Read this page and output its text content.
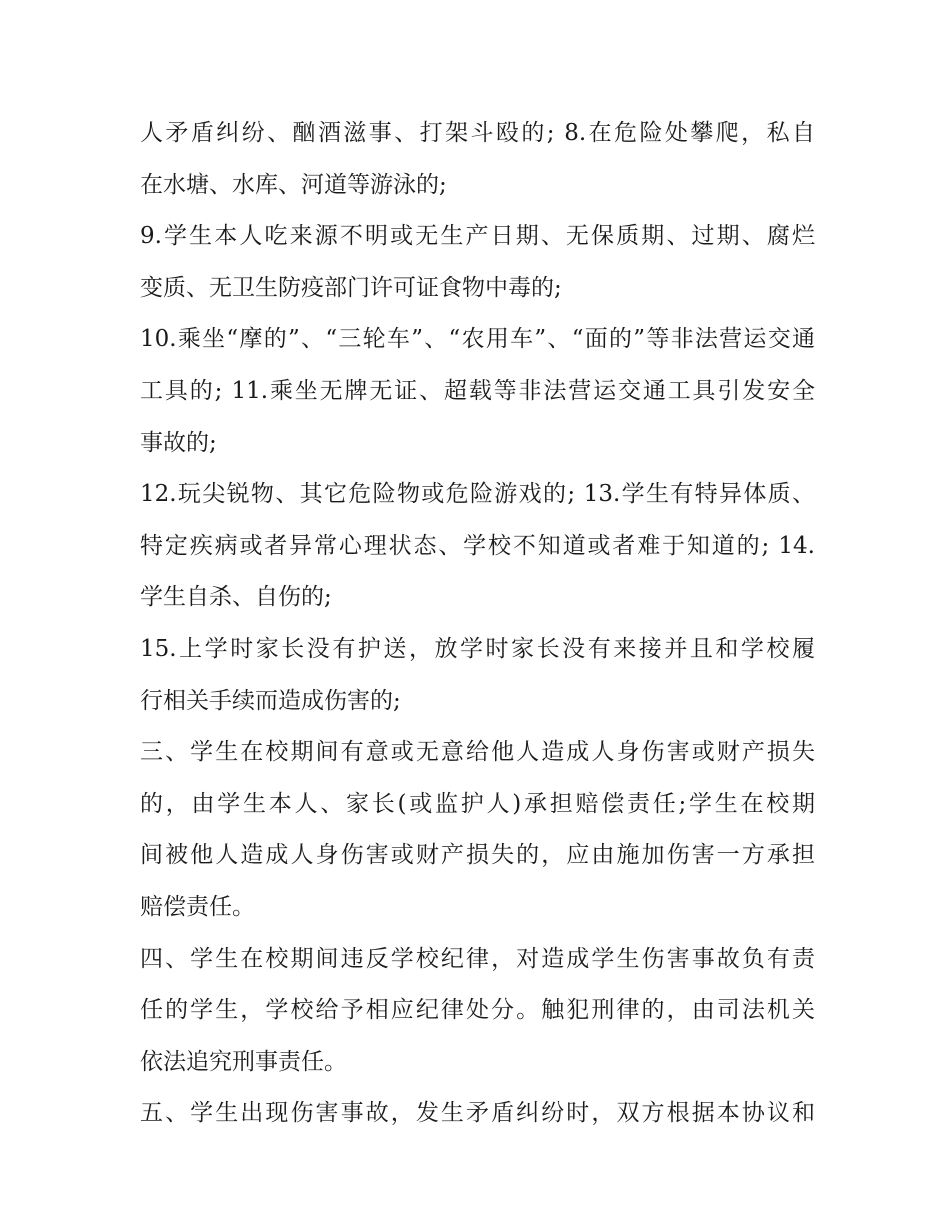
人矛盾纠纷、酗酒滋事、打架斗殴的; 8.在危险处攀爬，私自
在水塘、水库、河道等游泳的;
9.学生本人吃来源不明或无生产日期、无保质期、过期、腐烂
变质、无卫生防疫部门许可证食物中毒的;
10.乘坐“摩的”、“三轮车”、“农用车”、“面的”等非法营运交通
工具的; 11.乘坐无牌无证、超载等非法营运交通工具引发安全
事故的;
12.玩尖锐物、其它危险物或危险游戏的; 13.学生有特异体质、
特定疾病或者异常心理状态、学校不知道或者难于知道的; 14.
学生自杀、自伤的;
15.上学时家长没有护送，放学时家长没有来接并且和学校履
行相关手续而造成伤害的;
三、学生在校期间有意或无意给他人造成人身伤害或财产损失
的，由学生本人、家长(或监护人)承担赔偿责任;学生在校期
间被他人造成人身伤害或财产损失的，应由施加伤害一方承担
赔偿责任。
四、学生在校期间违反学校纪律，对造成学生伤害事故负有责
任的学生，学校给予相应纪律处分。触犯刑律的，由司法机关
依法追究刑事责任。
五、学生出现伤害事故，发生矛盾纠纷时，双方根据本协议和
